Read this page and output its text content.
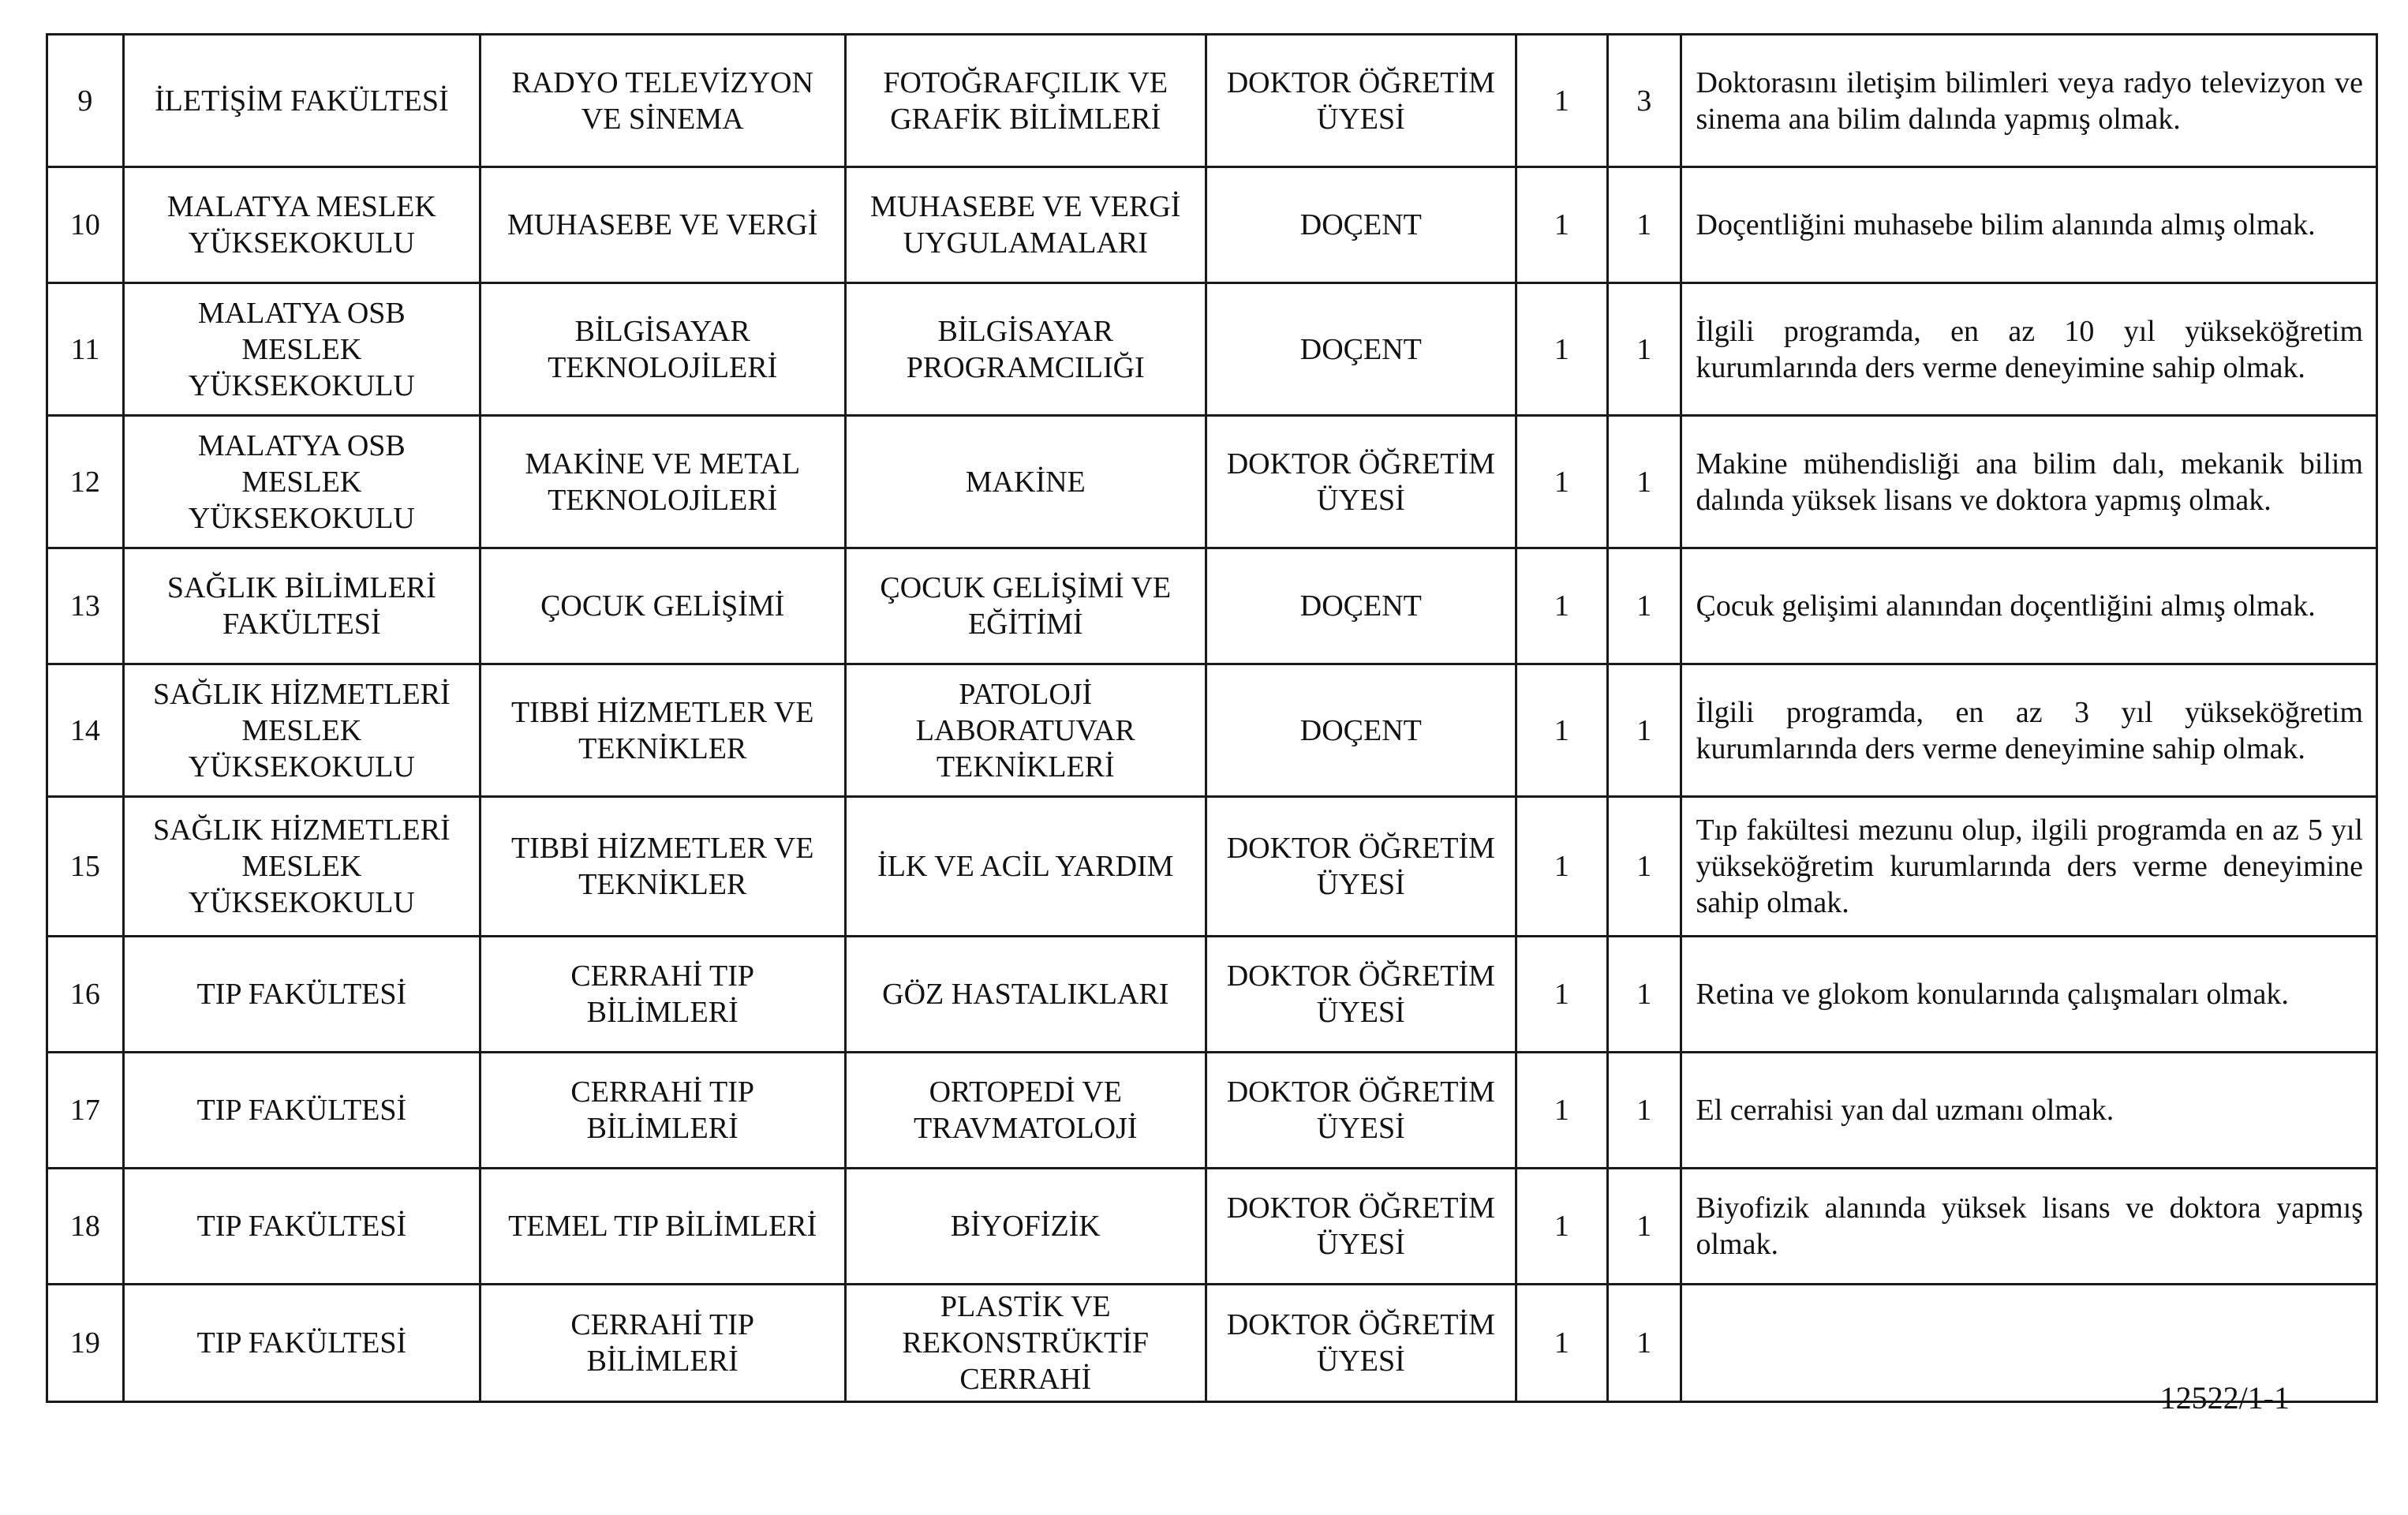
9	İLETİŞİM FAKÜLTESİ	RADYO TELEVİZYON VE SİNEMA	FOTOĞRAFÇILIK VE GRAFİK BİLİMLERİ	DOKTOR ÖĞRETİM ÜYESİ	1	3	Doktorasını iletişim bilimleri veya radyo televizyon ve sinema ana bilim dalında yapmış olmak.
10	MALATYA MESLEK YÜKSEKOKULU	MUHASEBE VE VERGİ	MUHASEBE VE VERGİ UYGULAMALARI	DOÇENT	1	1	Doçentliğini muhasebe bilim alanında almış olmak.
11	MALATYA OSB MESLEK YÜKSEKOKULU	BİLGİSAYAR TEKNOLOJİLERİ	BİLGİSAYAR PROGRAMCILIĞI	DOÇENT	1	1	İlgili programda, en az 10 yıl yükseköğretim kurumlarında ders verme deneyimine sahip olmak.
12	MALATYA OSB MESLEK YÜKSEKOKULU	MAKİNE VE METAL TEKNOLOJİLERİ	MAKİNE	DOKTOR ÖĞRETİM ÜYESİ	1	1	Makine mühendisliği ana bilim dalı, mekanik bilim dalında yüksek lisans ve doktora yapmış olmak.
13	SAĞLIK BİLİMLERİ FAKÜLTESİ	ÇOCUK GELİŞİMİ	ÇOCUK GELİŞİMİ VE EĞİTİMİ	DOÇENT	1	1	Çocuk gelişimi alanından doçentliğini almış olmak.
14	SAĞLIK HİZMETLERİ MESLEK YÜKSEKOKULU	TIBBİ HİZMETLER VE TEKNİKLER	PATOLOJİ LABORATUVAR TEKNİKLERİ	DOÇENT	1	1	İlgili programda, en az 3 yıl yükseköğretim kurumlarında ders verme deneyimine sahip olmak.
15	SAĞLIK HİZMETLERİ MESLEK YÜKSEKOKULU	TIBBİ HİZMETLER VE TEKNİKLER	İLK VE ACİL YARDIM	DOKTOR ÖĞRETİM ÜYESİ	1	1	Tıp fakültesi mezunu olup, ilgili programda en az 5 yıl yükseköğretim kurumlarında ders verme deneyimine sahip olmak.
16	TIP FAKÜLTESİ	CERRAHİ TIP BİLİMLERİ	GÖZ HASTALIKLARI	DOKTOR ÖĞRETİM ÜYESİ	1	1	Retina ve glokom konularında çalışmaları olmak.
17	TIP FAKÜLTESİ	CERRAHİ TIP BİLİMLERİ	ORTOPEDİ VE TRAVMATOLOJİ	DOKTOR ÖĞRETİM ÜYESİ	1	1	El cerrahisi yan dal uzmanı olmak.
18	TIP FAKÜLTESİ	TEMEL TIP BİLİMLERİ	BİYOFİZİK	DOKTOR ÖĞRETİM ÜYESİ	1	1	Biyofizik alanında yüksek lisans ve doktora yapmış olmak.
19	TIP FAKÜLTESİ	CERRAHİ TIP BİLİMLERİ	PLASTİK VE REKONSTRÜKTİF CERRAHİ	DOKTOR ÖĞRETİM ÜYESİ	1	1	
12522/1-1
